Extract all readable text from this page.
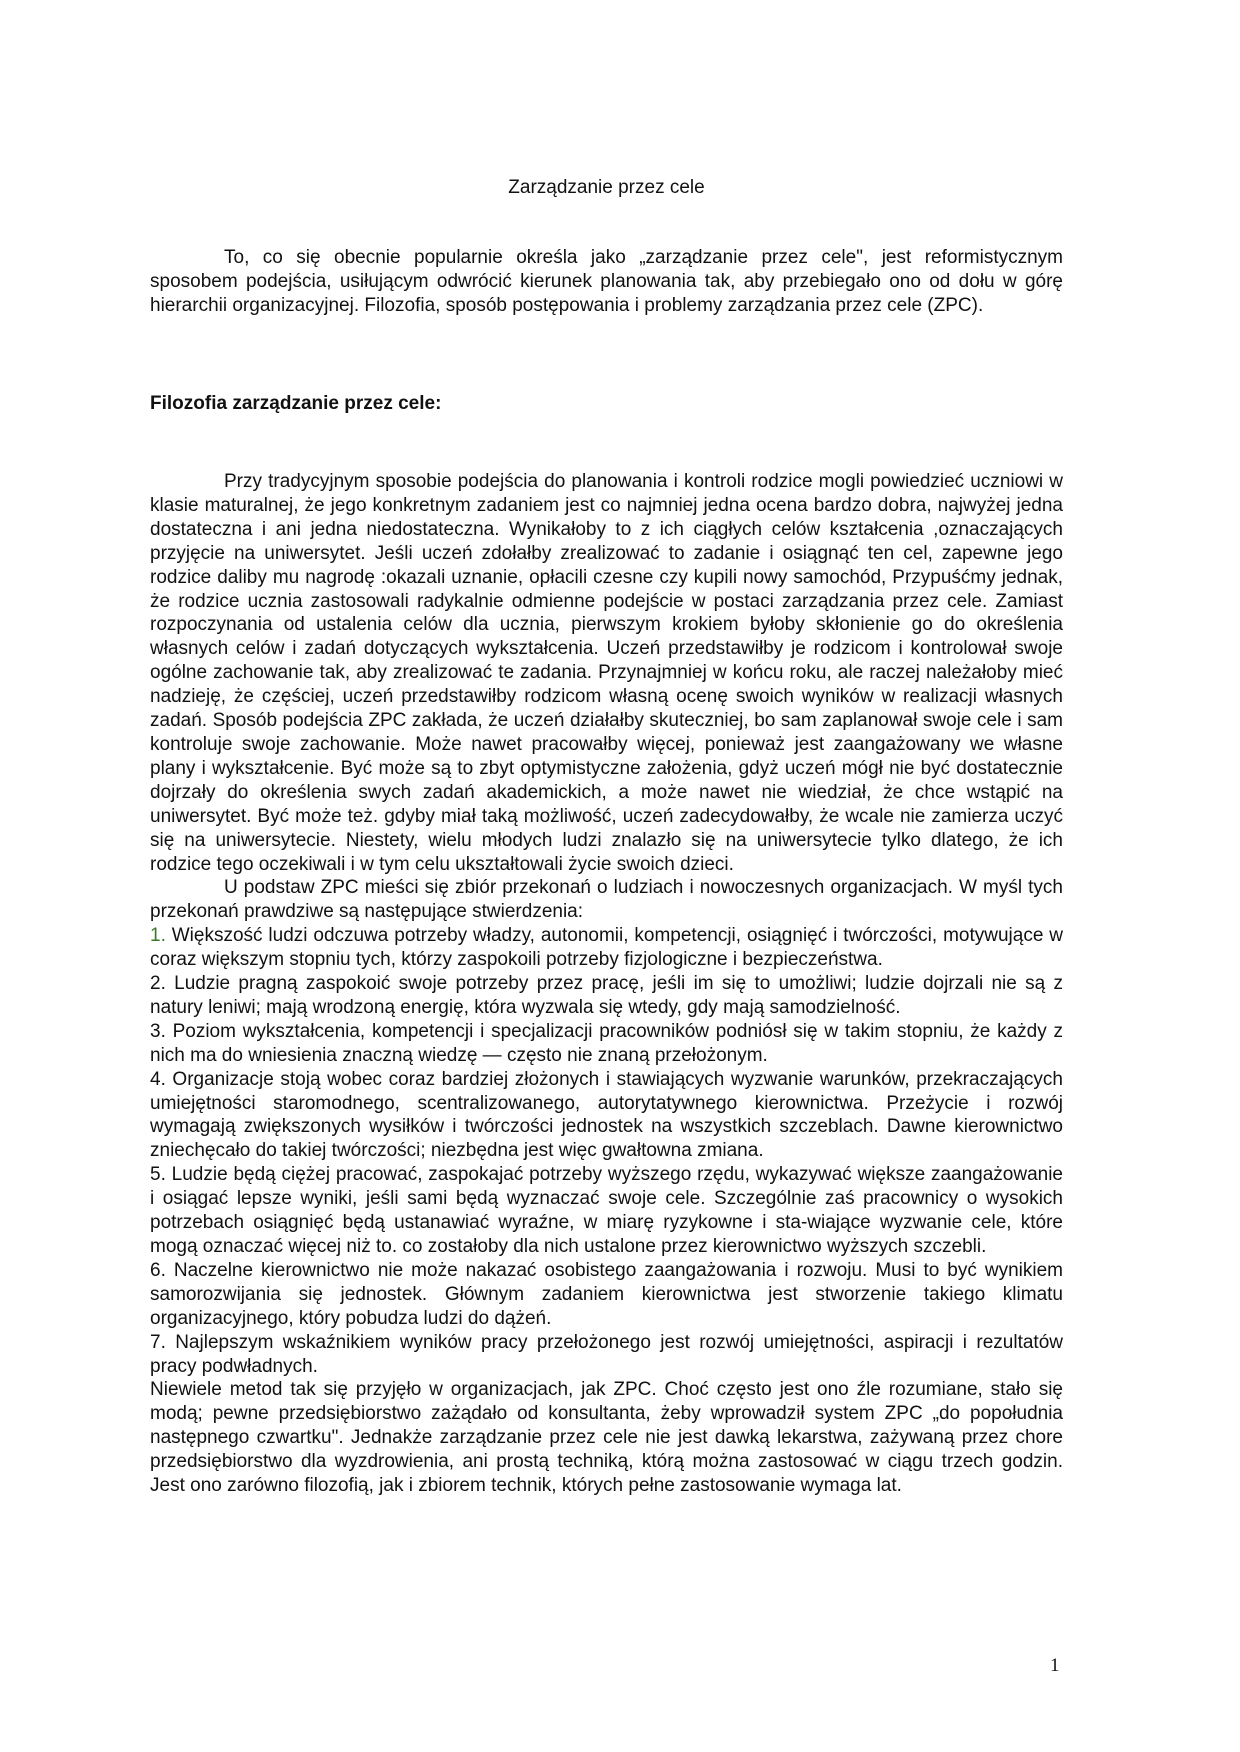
Zarządzanie przez cele

To, co się obecnie popularnie określa jako „zarządzanie przez cele", jest reformistycznym sposobem podejścia, usiłującym odwrócić kierunek planowania tak, aby przebiegało ono od dołu w górę hierarchii organizacyjnej. Filozofia, sposób postępowania i problemy zarządzania przez cele (ZPC).

Filozofia zarządzanie przez cele:

Przy tradycyjnym sposobie podejścia do planowania i kontroli rodzice mogli powiedzieć uczniowi w klasie maturalnej, że jego konkretnym zadaniem jest co najmniej jedna ocena bardzo dobra, najwyżej jedna dostateczna i ani jedna niedostateczna. Wynikałoby to z ich ciągłych celów kształcenia ,oznaczających przyjęcie na uniwersytet. Jeśli uczeń zdołałby zrealizować to zadanie i osiągnąć ten cel, zapewne jego rodzice daliby mu nagrodę :okazali uznanie, opłacili czesne czy kupili nowy samochód, Przypuśćmy jednak, że rodzice ucznia zastosowali radykalnie odmienne podejście w postaci zarządzania przez cele. Zamiast rozpoczynania od ustalenia celów dla ucznia, pierwszym krokiem byłoby skłonienie go do określenia własnych celów i zadań dotyczących wykształcenia. Uczeń przedstawiłby je rodzicom i kontrolował swoje ogólne zachowanie tak, aby zrealizować te zadania. Przynajmniej w końcu roku, ale raczej należałoby mieć nadzieję, że częściej, uczeń przedstawiłby rodzicom własną ocenę swoich wyników w realizacji własnych zadań. Sposób podejścia ZPC zakłada, że uczeń działałby skuteczniej, bo sam zaplanował swoje cele i sam kontroluje swoje zachowanie. Może nawet pracowałby więcej, ponieważ jest zaangażowany we własne plany i wykształcenie. Być może są to zbyt optymistyczne założenia, gdyż uczeń mógł nie być dostatecznie dojrzały do określenia swych zadań akademickich, a może nawet nie wiedział, że chce wstąpić na uniwersytet. Być może też. gdyby miał taką możliwość, uczeń zadecydowałby, że wcale nie zamierza uczyć się na uniwersytecie. Niestety, wielu młodych ludzi znalazło się na uniwersytecie tylko dlatego, że ich rodzice tego oczekiwali i w tym celu ukształtowali życie swoich dzieci.

U podstaw ZPC mieści się zbiór przekonań o ludziach i nowoczesnych organizacjach. W myśl tych przekonań prawdziwe są następujące stwierdzenia:

1. Większość ludzi odczuwa potrzeby władzy, autonomii, kompetencji, osiągnięć i twórczości, motywujące w coraz większym stopniu tych, którzy zaspokoili potrzeby fizjologiczne i bezpieczeństwa.

2. Ludzie pragną zaspokoić swoje potrzeby przez pracę, jeśli im się to umożliwi; ludzie dojrzali nie są z natury leniwi; mają wrodzoną energię, która wyzwala się wtedy, gdy mają samodzielność.

3. Poziom wykształcenia, kompetencji i specjalizacji pracowników podniósł się w takim stopniu, że każdy z nich ma do wniesienia znaczną wiedzę — często nie znaną przełożonym.

4. Organizacje stoją wobec coraz bardziej złożonych i stawiających wyzwanie warunków, przekraczających umiejętności staromodnego, scentralizowanego, autorytatywnego kierownictwa. Przeżycie i rozwój wymagają zwiększonych wysiłków i twórczości jednostek na wszystkich szczeblach. Dawne kierownictwo zniechęcało do takiej twórczości; niezbędna jest więc gwałtowna zmiana.

5. Ludzie będą ciężej pracować, zaspokajać potrzeby wyższego rzędu, wykazywać większe zaangażowanie i osiągać lepsze wyniki, jeśli sami będą wyznaczać swoje cele. Szczególnie zaś pracownicy o wysokich potrzebach osiągnięć będą ustanawiać wyraźne, w miarę ryzykowne i sta-wiające wyzwanie cele, które mogą oznaczać więcej niż to. co zostałoby dla nich ustalone przez kierownictwo wyższych szczebli.

6. Naczelne kierownictwo nie może nakazać osobistego zaangażowania i rozwoju. Musi to być wynikiem samorozwijania się jednostek. Głównym zadaniem kierownictwa jest stworzenie takiego klimatu organizacyjnego, który pobudza ludzi do dążeń.

7. Najlepszym wskaźnikiem wyników pracy przełożonego jest rozwój umiejętności, aspiracji i rezultatów pracy podwładnych.

Niewiele metod tak się przyjęło w organizacjach, jak ZPC. Choć często jest ono źle rozumiane, stało się modą; pewne przedsiębiorstwo zażądało od konsultanta, żeby wprowadził system ZPC „do popołudnia następnego czwartku". Jednakże zarządzanie przez cele nie jest dawką lekarstwa, zażywaną przez chore przedsiębiorstwo dla wyzdrowienia, ani prostą techniką, którą można zastosować w ciągu trzech godzin. Jest ono zarówno filozofią, jak i zbiorem technik, których pełne zastosowanie wymaga lat.

1
